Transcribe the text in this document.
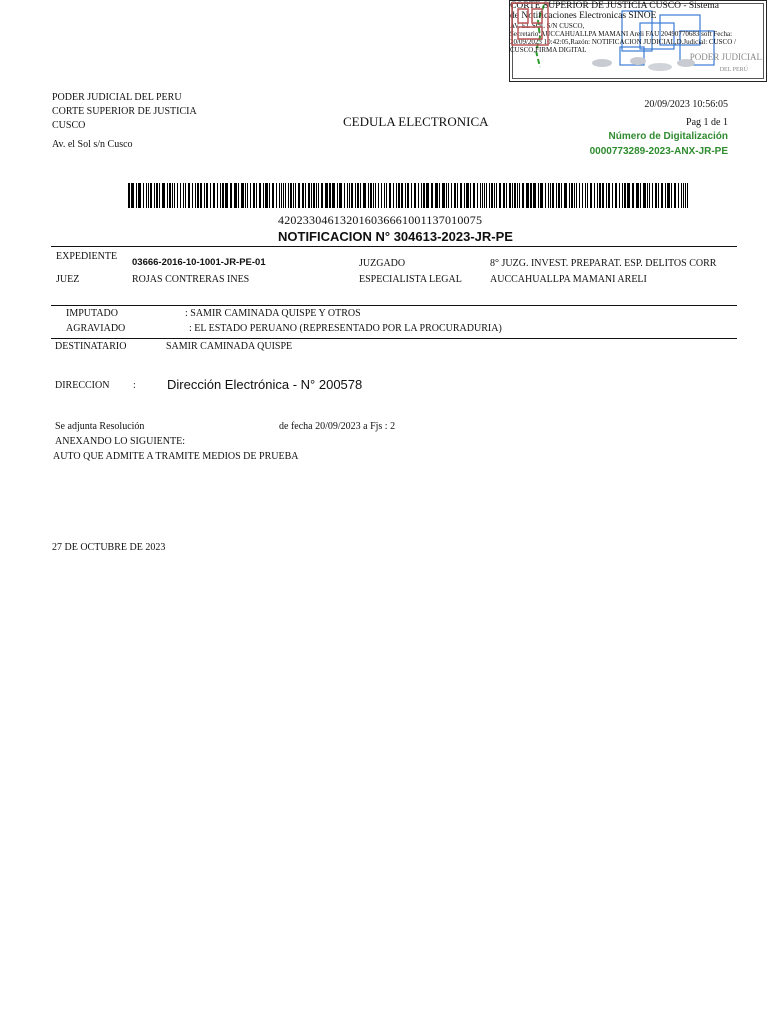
CORTE SUPERIOR DE JUSTICIA CUSCO - Sistema
de Notificaciones Electronicas SINOE
AV. EL SOL S/N CUSCO,
Secretario:AUCCAHUALLPA MAMANI Areli FAU 20490770683 soft Fecha:
20/09/2023 10:42:05,Razón: NOTIFICACION JUDICIAL,D.Judicial: CUSCO /
CUSCO,FIRMA DIGITAL
PODER JUDICIAL
DEL PERÚ
PODER JUDICIAL DEL PERU
CORTE SUPERIOR DE JUSTICIA
CUSCO
Av. el Sol s/n Cusco
CEDULA ELECTRONICA
20/09/2023 10:56:05
Pag 1 de 1
Número de Digitalización
0000773289-2023-ANX-JR-PE
420233046132016036661001137010075
NOTIFICACION N° 304613-2023-JR-PE
EXPEDIENTE
03666-2016-10-1001-JR-PE-01	JUZGADO	8° JUZG. INVEST. PREPARAT. ESP. DELITOS CORR
JUEZ	ROJAS CONTRERAS INES	ESPECIALISTA LEGAL	AUCCAHUALLPA MAMANI ARELI
IMPUTADO	: SAMIR CAMINADA QUISPE Y OTROS
AGRAVIADO	: EL ESTADO PERUANO (REPRESENTADO POR LA PROCURADURIA)
DESTINATARIO	SAMIR CAMINADA QUISPE
DIRECCION : Dirección Electrónica - N° 200578
Se adjunta Resolución	de fecha 20/09/2023 a Fjs : 2
ANEXANDO LO SIGUIENTE:
AUTO QUE ADMITE A TRAMITE MEDIOS DE PRUEBA
27 DE OCTUBRE DE 2023
